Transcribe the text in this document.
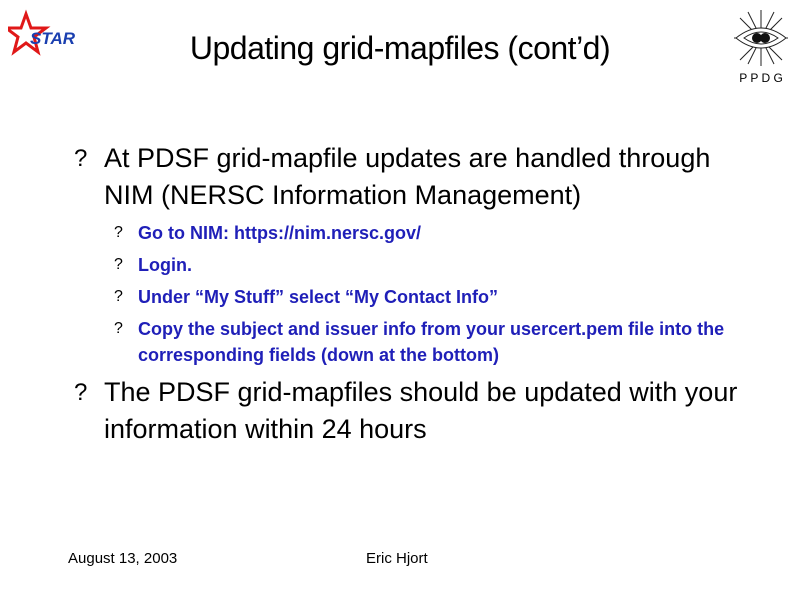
STAR
P P D G
Updating grid-mapfiles (cont’d)
? At PDSF grid-mapfile updates are handled through NIM (NERSC Information Management)
? Go to NIM: https://nim.nersc.gov/
? Login.
? Under “My Stuff” select “My Contact Info”
? Copy the subject and issuer info from your usercert.pem file into the corresponding fields (down at the bottom)
? The PDSF grid-mapfiles should be updated with your information within 24 hours
August 13, 2003	Eric Hjort
